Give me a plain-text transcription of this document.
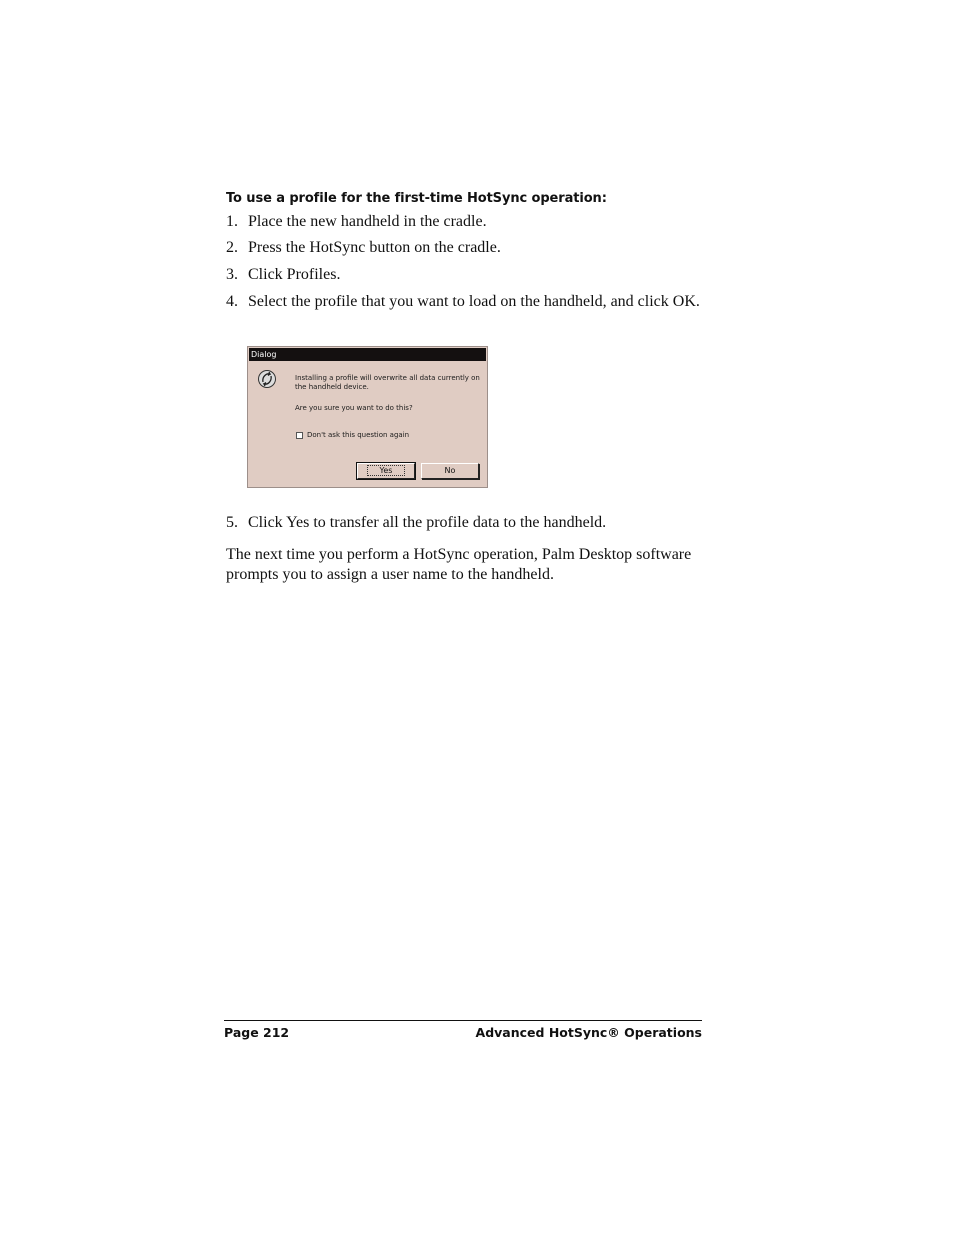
To use a profile for the first-time HotSync operation:
1. Place the new handheld in the cradle.
2. Press the HotSync button on the cradle.
3. Click Profiles.
4. Select the profile that you want to load on the handheld, and click OK.
Dialog
Installing a profile will overwrite all data currently on the handheld device.
Are you sure you want to do this?
Don't ask this question again
Yes	No
5. Click Yes to transfer all the profile data to the handheld.
The next time you perform a HotSync operation, Palm Desktop software prompts you to assign a user name to the handheld.
Page 212	Advanced HotSync® Operations
